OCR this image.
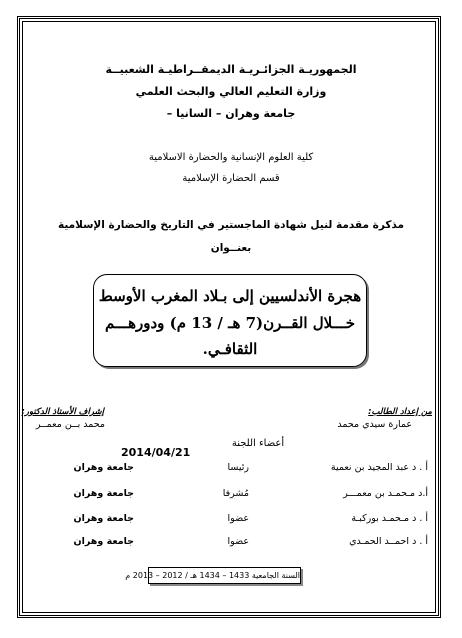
الجمهوريـة الجزائـريـة الديمقــراطيـة الشعبيــة
وزارة التعليم العالي والبحث العلمي
جامعة وهران – السانيا –
كلية العلوم الإنسانية والحضارة الاسلامية
قسم الحضارة الإسلامية
مذكرة مقدمة لنيل شهادة الماجستير في التاريخ والحضارة الإسلامية
بعنــوان
هجرة الأندلسيين إلى بـلاد المغرب الأوسط
خـــلال القــرن(7 هـ / 13 م) ودورهـــم
الثقافـي.
من إعداد الطالب:
عمارة سيدي محمد
إشراف الأستاذ الدكتور:
محمد بــن معمــر
2014/04/21
أعضاء اللجنة
أ . د عبد المجيد بن نعمية
رئيسا
جامعة وهران
أ.د مـحمـد بن معمـــر
مُشرفا
جامعة وهران
أ . د مـحمـد بوركبـة
عضوا
جامعة وهران
أ . د احمــد الحمـدي
عضوا
جامعة وهران
السنة الجامعية 1433 – 1434 هـ / 2012 – 2013 م
